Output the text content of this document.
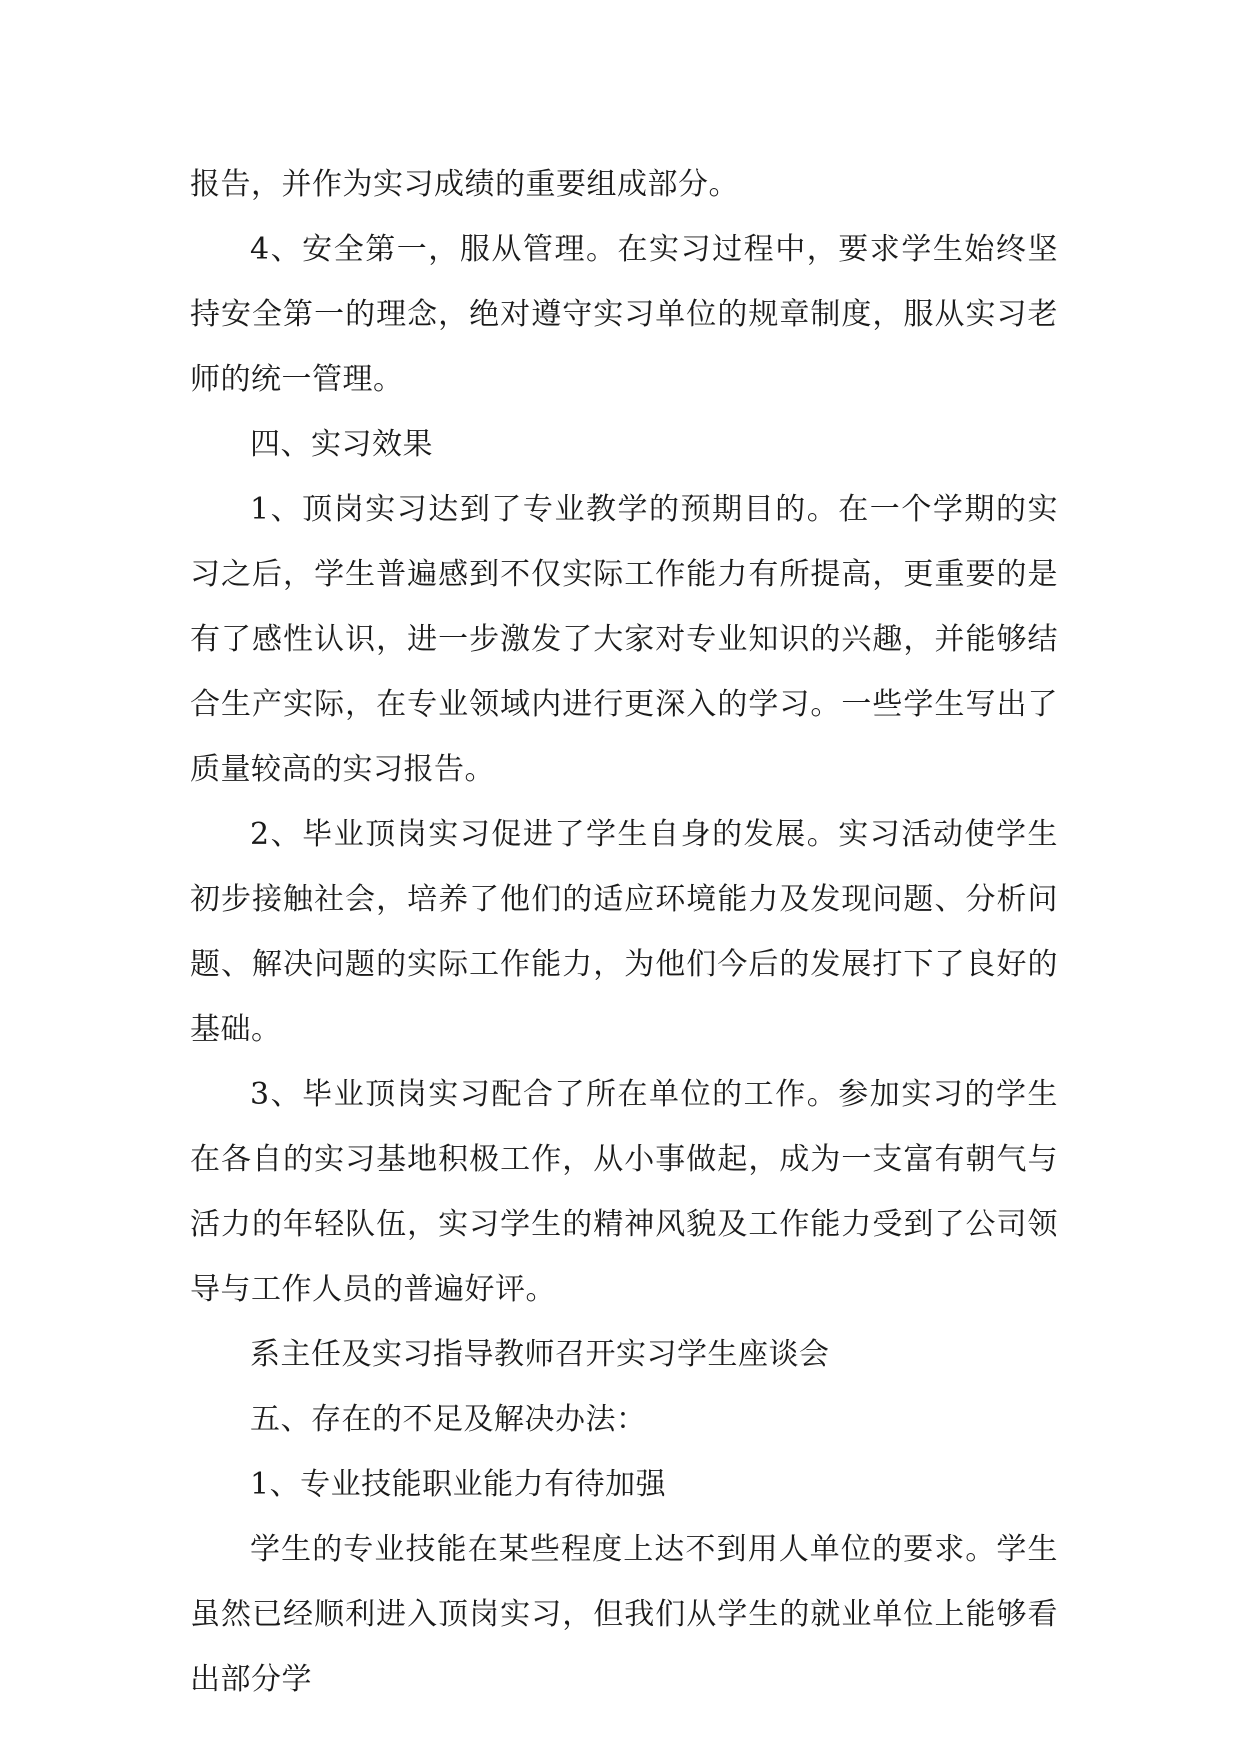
报告，并作为实习成绩的重要组成部分。

4、安全第一，服从管理。在实习过程中，要求学生始终坚持安全第一的理念，绝对遵守实习单位的规章制度，服从实习老师的统一管理。

四、实习效果

1、顶岗实习达到了专业教学的预期目的。在一个学期的实习之后，学生普遍感到不仅实际工作能力有所提高，更重要的是有了感性认识，进一步激发了大家对专业知识的兴趣，并能够结合生产实际，在专业领域内进行更深入的学习。一些学生写出了质量较高的实习报告。

2、毕业顶岗实习促进了学生自身的发展。实习活动使学生初步接触社会，培养了他们的适应环境能力及发现问题、分析问题、解决问题的实际工作能力，为他们今后的发展打下了良好的基础。

3、毕业顶岗实习配合了所在单位的工作。参加实习的学生在各自的实习基地积极工作，从小事做起，成为一支富有朝气与活力的年轻队伍，实习学生的精神风貌及工作能力受到了公司领导与工作人员的普遍好评。

系主任及实习指导教师召开实习学生座谈会

五、存在的不足及解决办法：

1、专业技能职业能力有待加强

学生的专业技能在某些程度上达不到用人单位的要求。学生虽然已经顺利进入顶岗实习，但我们从学生的就业单位上能够看出部分学
